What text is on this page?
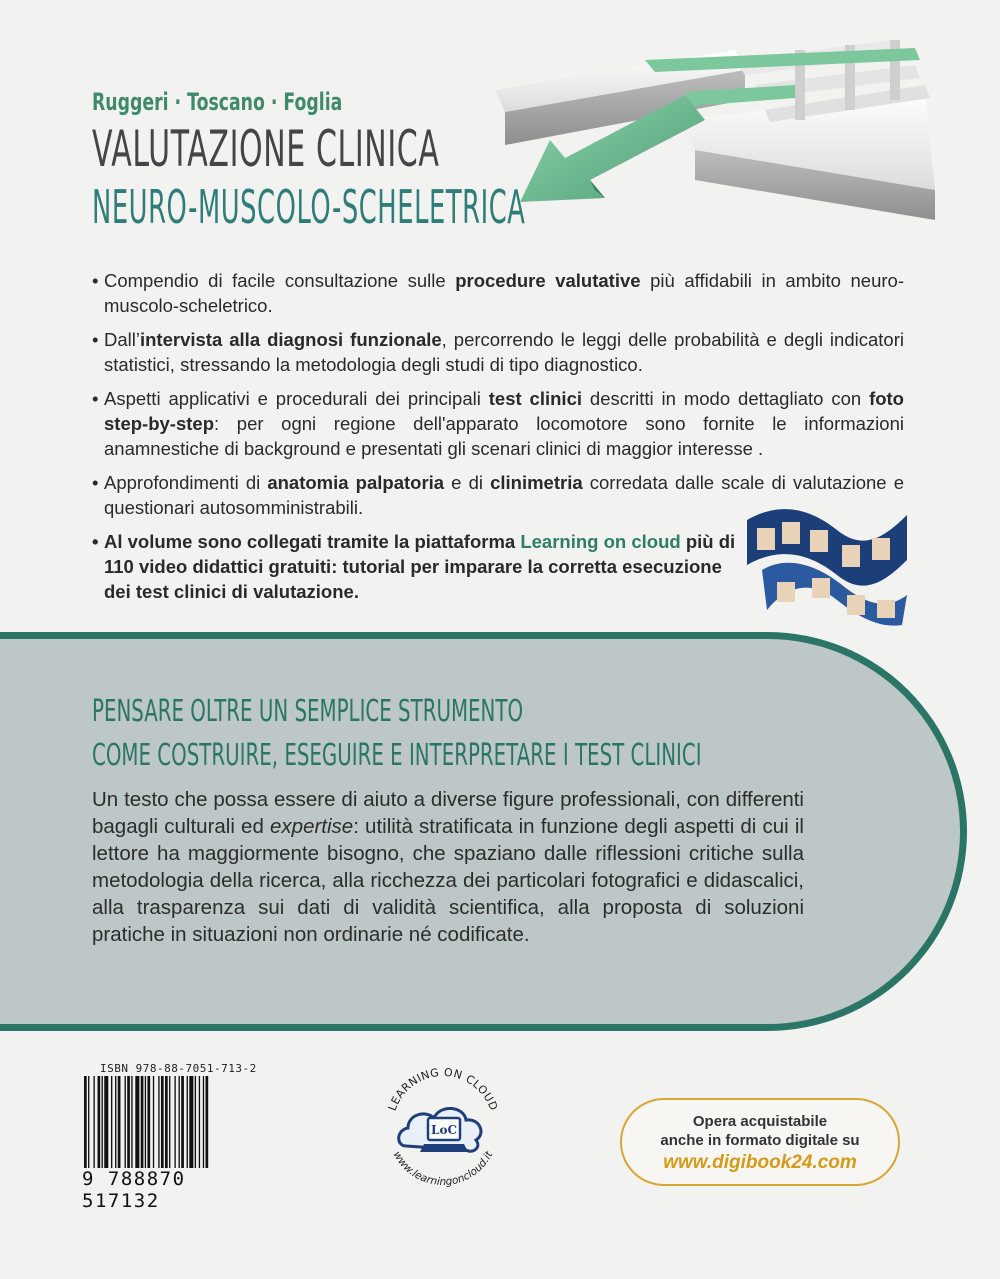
Ruggeri · Toscano · Foglia
VALUTAZIONE CLINICA
NEURO-MUSCOLO-SCHELETRICA
• Compendio di facile consultazione sulle procedure valutative più affidabili in ambito neuro-muscolo-scheletrico.
• Dall’intervista alla diagnosi funzionale, percorrendo le leggi delle probabilità e degli indicatori statistici, stressando la metodologia degli studi di tipo diagnostico.
• Aspetti applicativi e procedurali dei principali test clinici descritti in modo dettagliato con foto step-by-step: per ogni regione dell'apparato locomotore sono fornite le informazioni anamnestiche di background e presentati gli scenari clinici di maggior interesse .
• Approfondimenti di anatomia palpatoria e di clinimetria corredata dalle scale di valutazione e questionari autosomministrabili.
• Al volume sono collegati tramite la piattaforma Learning on cloud più di 110 video didattici gratuiti: tutorial per imparare la corretta esecuzione dei test clinici di valutazione.
PENSARE OLTRE UN SEMPLICE STRUMENTO
COME COSTRUIRE, ESEGUIRE E INTERPRETARE I TEST CLINICI
Un testo che possa essere di aiuto a diverse figure professionali, con differenti bagagli culturali ed expertise: utilità stratificata in funzione degli aspetti di cui il lettore ha maggiormente bisogno, che spaziano dalle riflessioni critiche sulla metodologia della ricerca, alla ricchezza dei particolari fotografici e didascalici, alla trasparenza sui dati di validità scientifica, alla proposta di soluzioni pratiche in situazioni non ordinarie né codificate.
ISBN 978-88-7051-713-2
9 788870 517132
LEARNING ON CLOUD
LoC
www.learningoncloud.it
Opera acquistabile
anche in formato digitale su
www.digibook24.com
